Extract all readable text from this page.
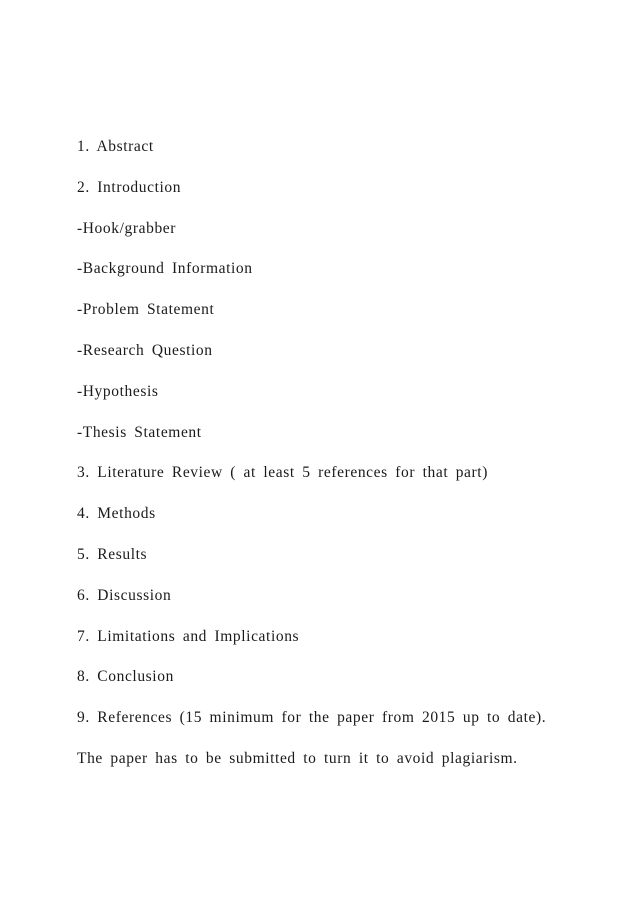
1. Abstract
2. Introduction
-Hook/grabber
-Background Information
-Problem Statement
-Research Question
-Hypothesis
-Thesis Statement
3. Literature Review ( at least 5 references for that part)
4. Methods
5. Results
6. Discussion
7. Limitations and Implications
8. Conclusion
9. References (15 minimum for the paper from 2015 up to date).
The paper has to be submitted to turn it to avoid plagiarism.
